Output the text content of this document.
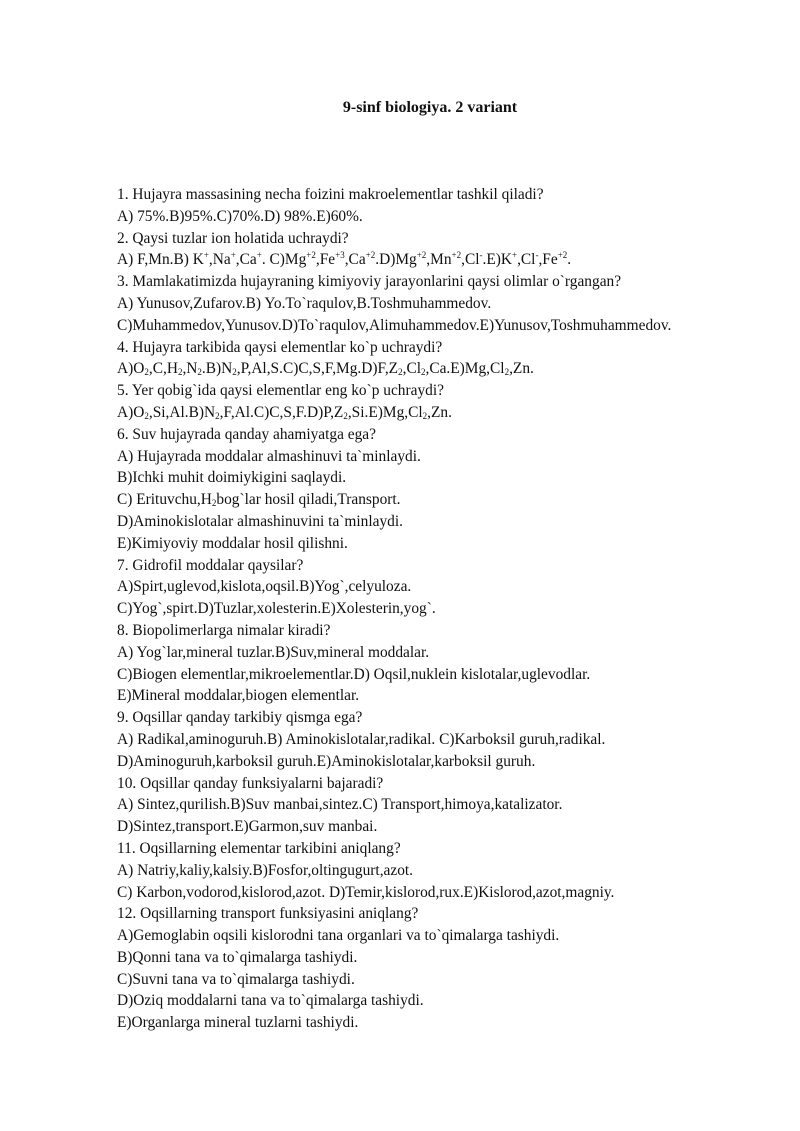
9-sinf biologiya. 2 variant
1. Hujayra massasining necha foizini makroelementlar tashkil qiladi?
A) 75%.B)95%.C)70%.D) 98%.E)60%.
2. Qaysi tuzlar ion holatida uchraydi?
A) F,Mn.B) K+,Na+,Ca+. $C)Mg^{+2},Fe^{+3},Ca^{+2}.D)Mg^{+2},Mn^{+2},Cl^-.E)K^+,Cl^-,Fe^{+2}$.
3. Mamlakatimizda hujayraning kimiyoviy jarayonlarini qaysi olimlar o`rgangan?
A) Yunusov,Zufarov.B) Yo.To`raqulov,B.Toshmuhammedov.
C)Muhammedov,Yunusov.D)To`raqulov,Alimuhammedov.E)Yunusov,Toshmuhammedov.
4. Hujayra tarkibida qaysi elementlar ko`p uchraydi?
$A)O_2,C,H_2,N_2.B)N_2,P,Al,S.C)C,S,F,Mg.D)F,Z_2,Cl_2,Ca.E)Mg,Cl_2,Zn$.
5. Yer qobig`ida qaysi elementlar eng ko`p uchraydi?
$A)O_2,Si,Al.B)N_2,F,Al.C)C,S,F.D)P,Z_2,Si.E)Mg,Cl_2,Zn$.
6. Suv hujayrada qanday ahamiyatga ega?
A) Hujayrada moddalar almashinuvi ta`minlaydi.
B)Ichki muhit doimiykigini saqlaydi.
C) $Erituvchu,H_2bog`lar$ hosil qiladi,Transport.
D)Aminokislotalar almashinuvini ta`minlaydi.
E)Kimiyoviy moddalar hosil qilishni.
7. Gidrofil moddalar qaysilar?
A)Spirt,uglevod,kislota,oqsil.B)Yog`,celyuloza.
C)Yog`,spirt.D)Tuzlar,xolesterin.E)Xolesterin,yog`.
8. Biopolimerlarga nimalar kiradi?
A) Yog`lar,mineral tuzlar.B)Suv,mineral moddalar.
C)Biogen elementlar,mikroelementlar.D) Oqsil,nuklein kislotalar,uglevodlar.
E)Mineral moddalar,biogen elementlar.
9. Oqsillar qanday tarkibiy qismga ega?
A) Radikal,aminoguruh.B) Aminokislotalar,radikal. C)Karboksil guruh,radikal.
D)Aminoguruh,karboksil guruh.E)Aminokislotalar,karboksil guruh.
10. Oqsillar qanday funksiyalarni bajaradi?
A) Sintez,qurilish.B)Suv manbai,sintez.C) Transport,himoya,katalizator.
D)Sintez,transport.E)Garmon,suv manbai.
11. Oqsillarning elementar tarkibini aniqlang?
A) Natriy,kaliy,kalsiy.B)Fosfor,oltingugurt,azot.
C) Karbon,vodorod,kislorod,azot. D)Temir,kislorod,rux.E)Kislorod,azot,magniy.
12. Oqsillarning transport funksiyasini aniqlang?
A)Gemoglabin oqsili kislorodni tana organlari va to`qimalarga tashiydi.
B)Qonni tana va to`qimalarga tashiydi.
C)Suvni tana va to`qimalarga tashiydi.
D)Oziq moddalarni tana va to`qimalarga tashiydi.
E)Organlarga mineral tuzlarni tashiydi.
